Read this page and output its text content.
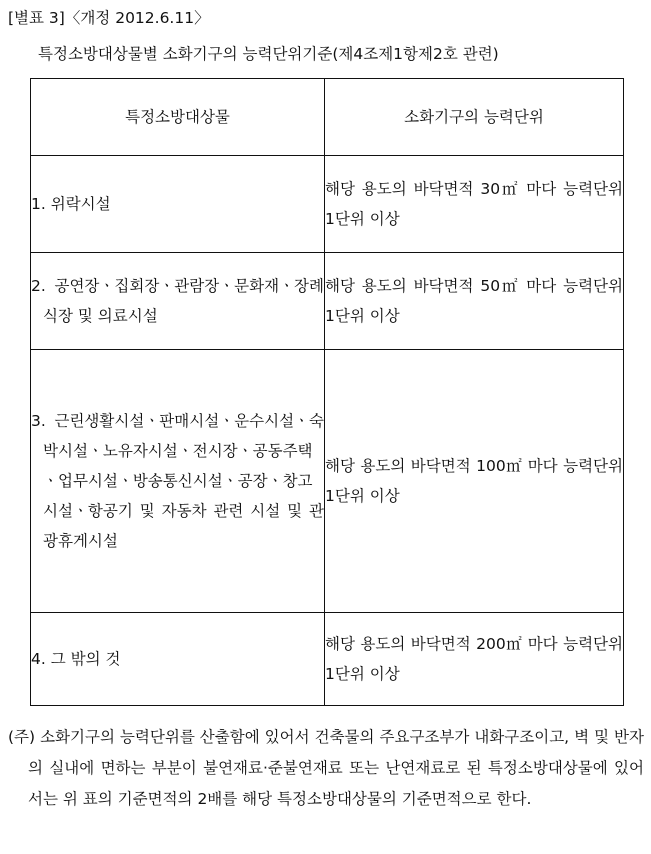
[별표 3]〈개정 2012.6.11〉
특정소방대상물별 소화기구의 능력단위기준(제4조제1항제2호 관련)
특정소방대상물	소화기구의 능력단위

1. 위락시설	해당 용도의 바닥면적 30㎡ 마다 능력단위 1단위 이상

2. 공연장ㆍ집회장ㆍ관람장ㆍ문화재ㆍ장례식장 및 의료시설	해당 용도의 바닥면적 50㎡ 마다 능력단위 1단위 이상

3. 근린생활시설ㆍ판매시설ㆍ운수시설ㆍ숙박시설ㆍ노유자시설ㆍ전시장ㆍ공동주택ㆍ업무시설ㆍ방송통신시설ㆍ공장ㆍ창고시설ㆍ항공기 및 자동차 관련 시설 및 관광휴게시설	해당 용도의 바닥면적 100㎡ 마다 능력단위 1단위 이상

4. 그 밖의 것	해당 용도의 바닥면적 200㎡ 마다 능력단위 1단위 이상
(주) 소화기구의 능력단위를 산출함에 있어서 건축물의 주요구조부가 내화구조이고, 벽 및 반자의 실내에 면하는 부분이 불연재료·준불연재료 또는 난연재료로 된 특정소방대상물에 있어서는 위 표의 기준면적의 2배를 해당 특정소방대상물의 기준면적으로 한다.
